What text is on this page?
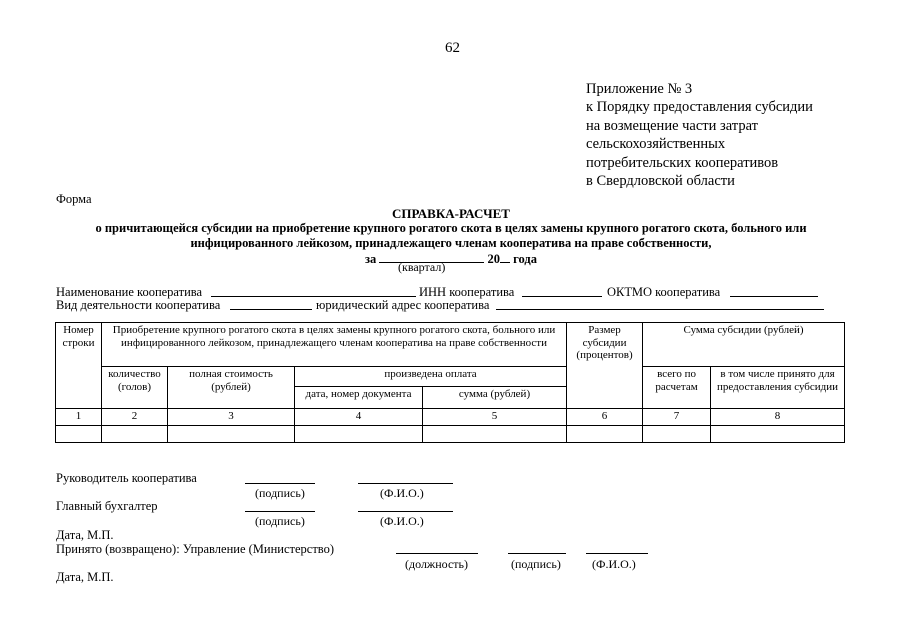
62
Приложение № 3
к Порядку предоставления субсидии
на возмещение части затрат
сельскохозяйственных
потребительских кооперативов
в Свердловской области
Форма
СПРАВКА-РАСЧЕТ
о причитающейся субсидии на приобретение крупного рогатого скота в целях замены крупного рогатого скота, больного или
инфицированного лейкозом, принадлежащего членам кооператива на праве собственности,
за	20 года
(квартал)
Наименование кооператива	ИНН кооператива	ОКТМО кооператива
Вид деятельности кооператива	юридический адрес кооператива
Номер строки	Приобретение крупного рогатого скота в целях замены крупного рогатого скота, больного или инфицированного лейкозом, принадлежащего членам кооператива на праве собственности				Размер субсидии (процентов)	Сумма субсидии (рублей)	
	количество (голов)	полная стоимость (рублей)	произведена оплата			всего по расчетам	в том числе принято для предоставления субсидии
			дата, номер документа	сумма (рублей)			
1	2	3	4	5	6	7	8

Руководитель кооператива
(подпись)	(Ф.И.О.)
Главный бухгалтер
(подпись)	(Ф.И.О.)
Дата, М.П.
Принято (возвращено): Управление (Министерство)
(должность)	(подпись)	(Ф.И.О.)
Дата, М.П.
